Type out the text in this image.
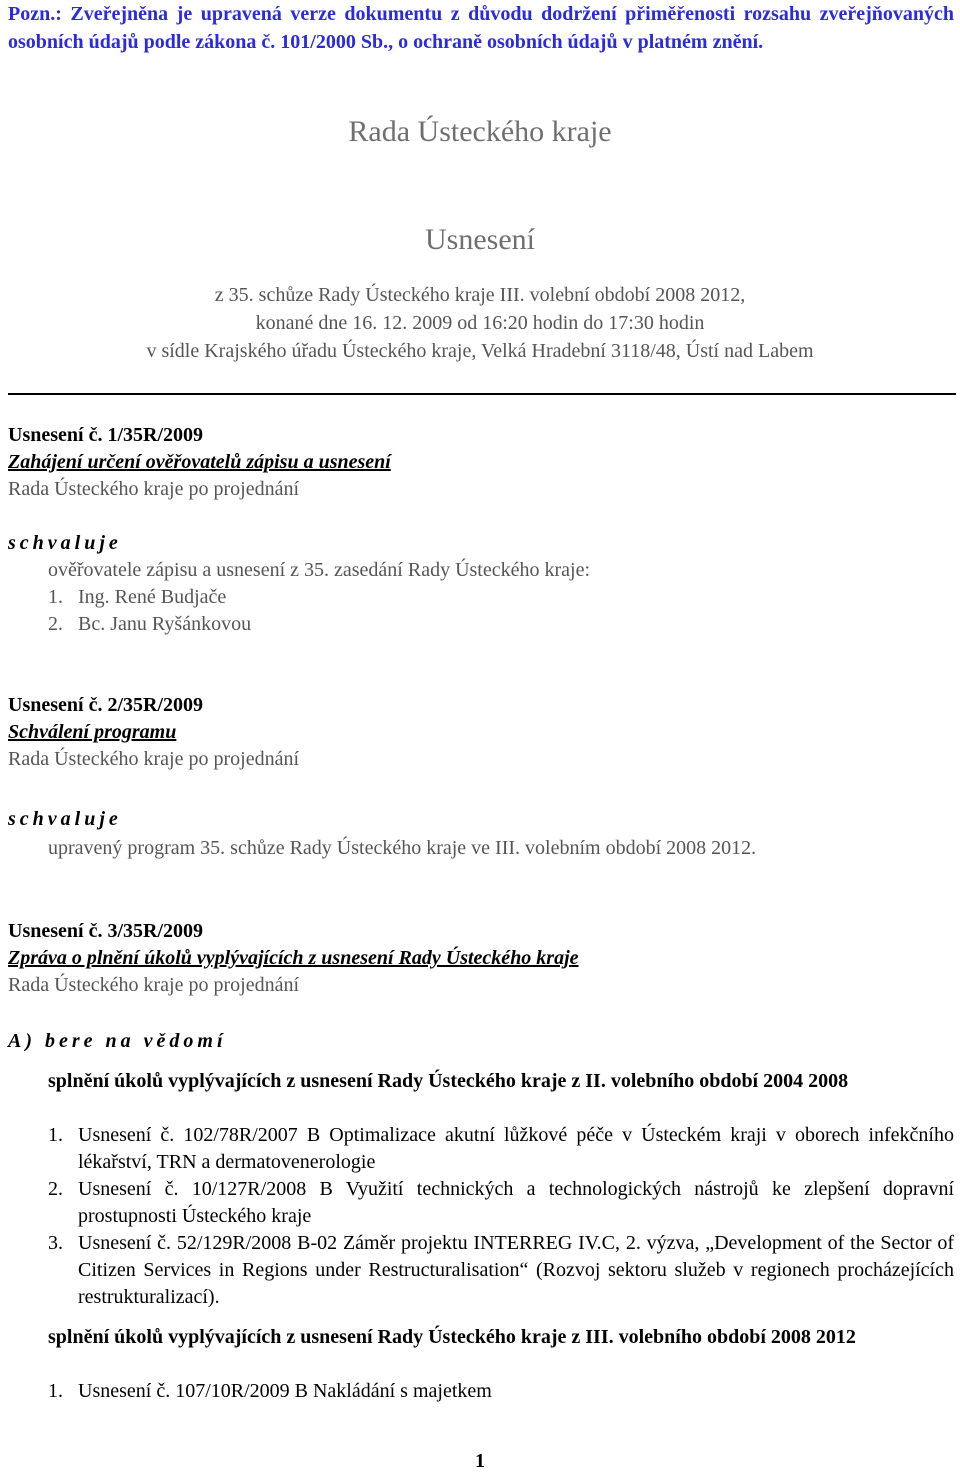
Pozn.: Zveřejněna je upravená verze dokumentu z důvodu dodržení přiměřenosti rozsahu zveřejňovaných osobních údajů podle zákona č. 101/2000 Sb., o ochraně osobních údajů v platném znění.
Rada Ústeckého kraje
Usnesení
z 35. schůze Rady Ústeckého kraje III. volební období 2008 2012,
konané dne 16. 12. 2009 od 16:20 hodin do 17:30 hodin
v sídle Krajského úřadu Ústeckého kraje, Velká Hradební 3118/48, Ústí nad Labem
Usnesení č. 1/35R/2009
Zahájení určení ověřovatelů zápisu a usnesení
Rada Ústeckého kraje po projednání
schvaluje
ověřovatele zápisu a usnesení z 35. zasedání Rady Ústeckého kraje:
1. Ing. René Budjače
2. Bc. Janu Ryšánkovou
Usnesení č. 2/35R/2009
Schválení programu
Rada Ústeckého kraje po projednání
schvaluje
upravený program 35. schůze Rady Ústeckého kraje ve III. volebním období 2008 2012.
Usnesení č. 3/35R/2009
Zpráva o plnění úkolů vyplývajících z usnesení Rady Ústeckého kraje
Rada Ústeckého kraje po projednání
A) bere na vědomí
splnění úkolů vyplývajících z usnesení Rady Ústeckého kraje z II. volebního období 2004 2008
1. Usnesení č. 102/78R/2007 B Optimalizace akutní lůžkové péče v Ústeckém kraji v oborech infekčního lékařství, TRN a dermatovenerologie
2. Usnesení č. 10/127R/2008 B Využití technických a technologických nástrojů ke zlepšení dopravní prostupnosti Ústeckého kraje
3. Usnesení č. 52/129R/2008 B-02 Záměr projektu INTERREG IV.C, 2. výzva, „Development of the Sector of Citizen Services in Regions under Restructuralisation“ (Rozvoj sektoru služeb v regionech procházejících restrukturalizací).
splnění úkolů vyplývajících z usnesení Rady Ústeckého kraje z III. volebního období 2008 2012
1. Usnesení č. 107/10R/2009 B Nakládání s majetkem
1
